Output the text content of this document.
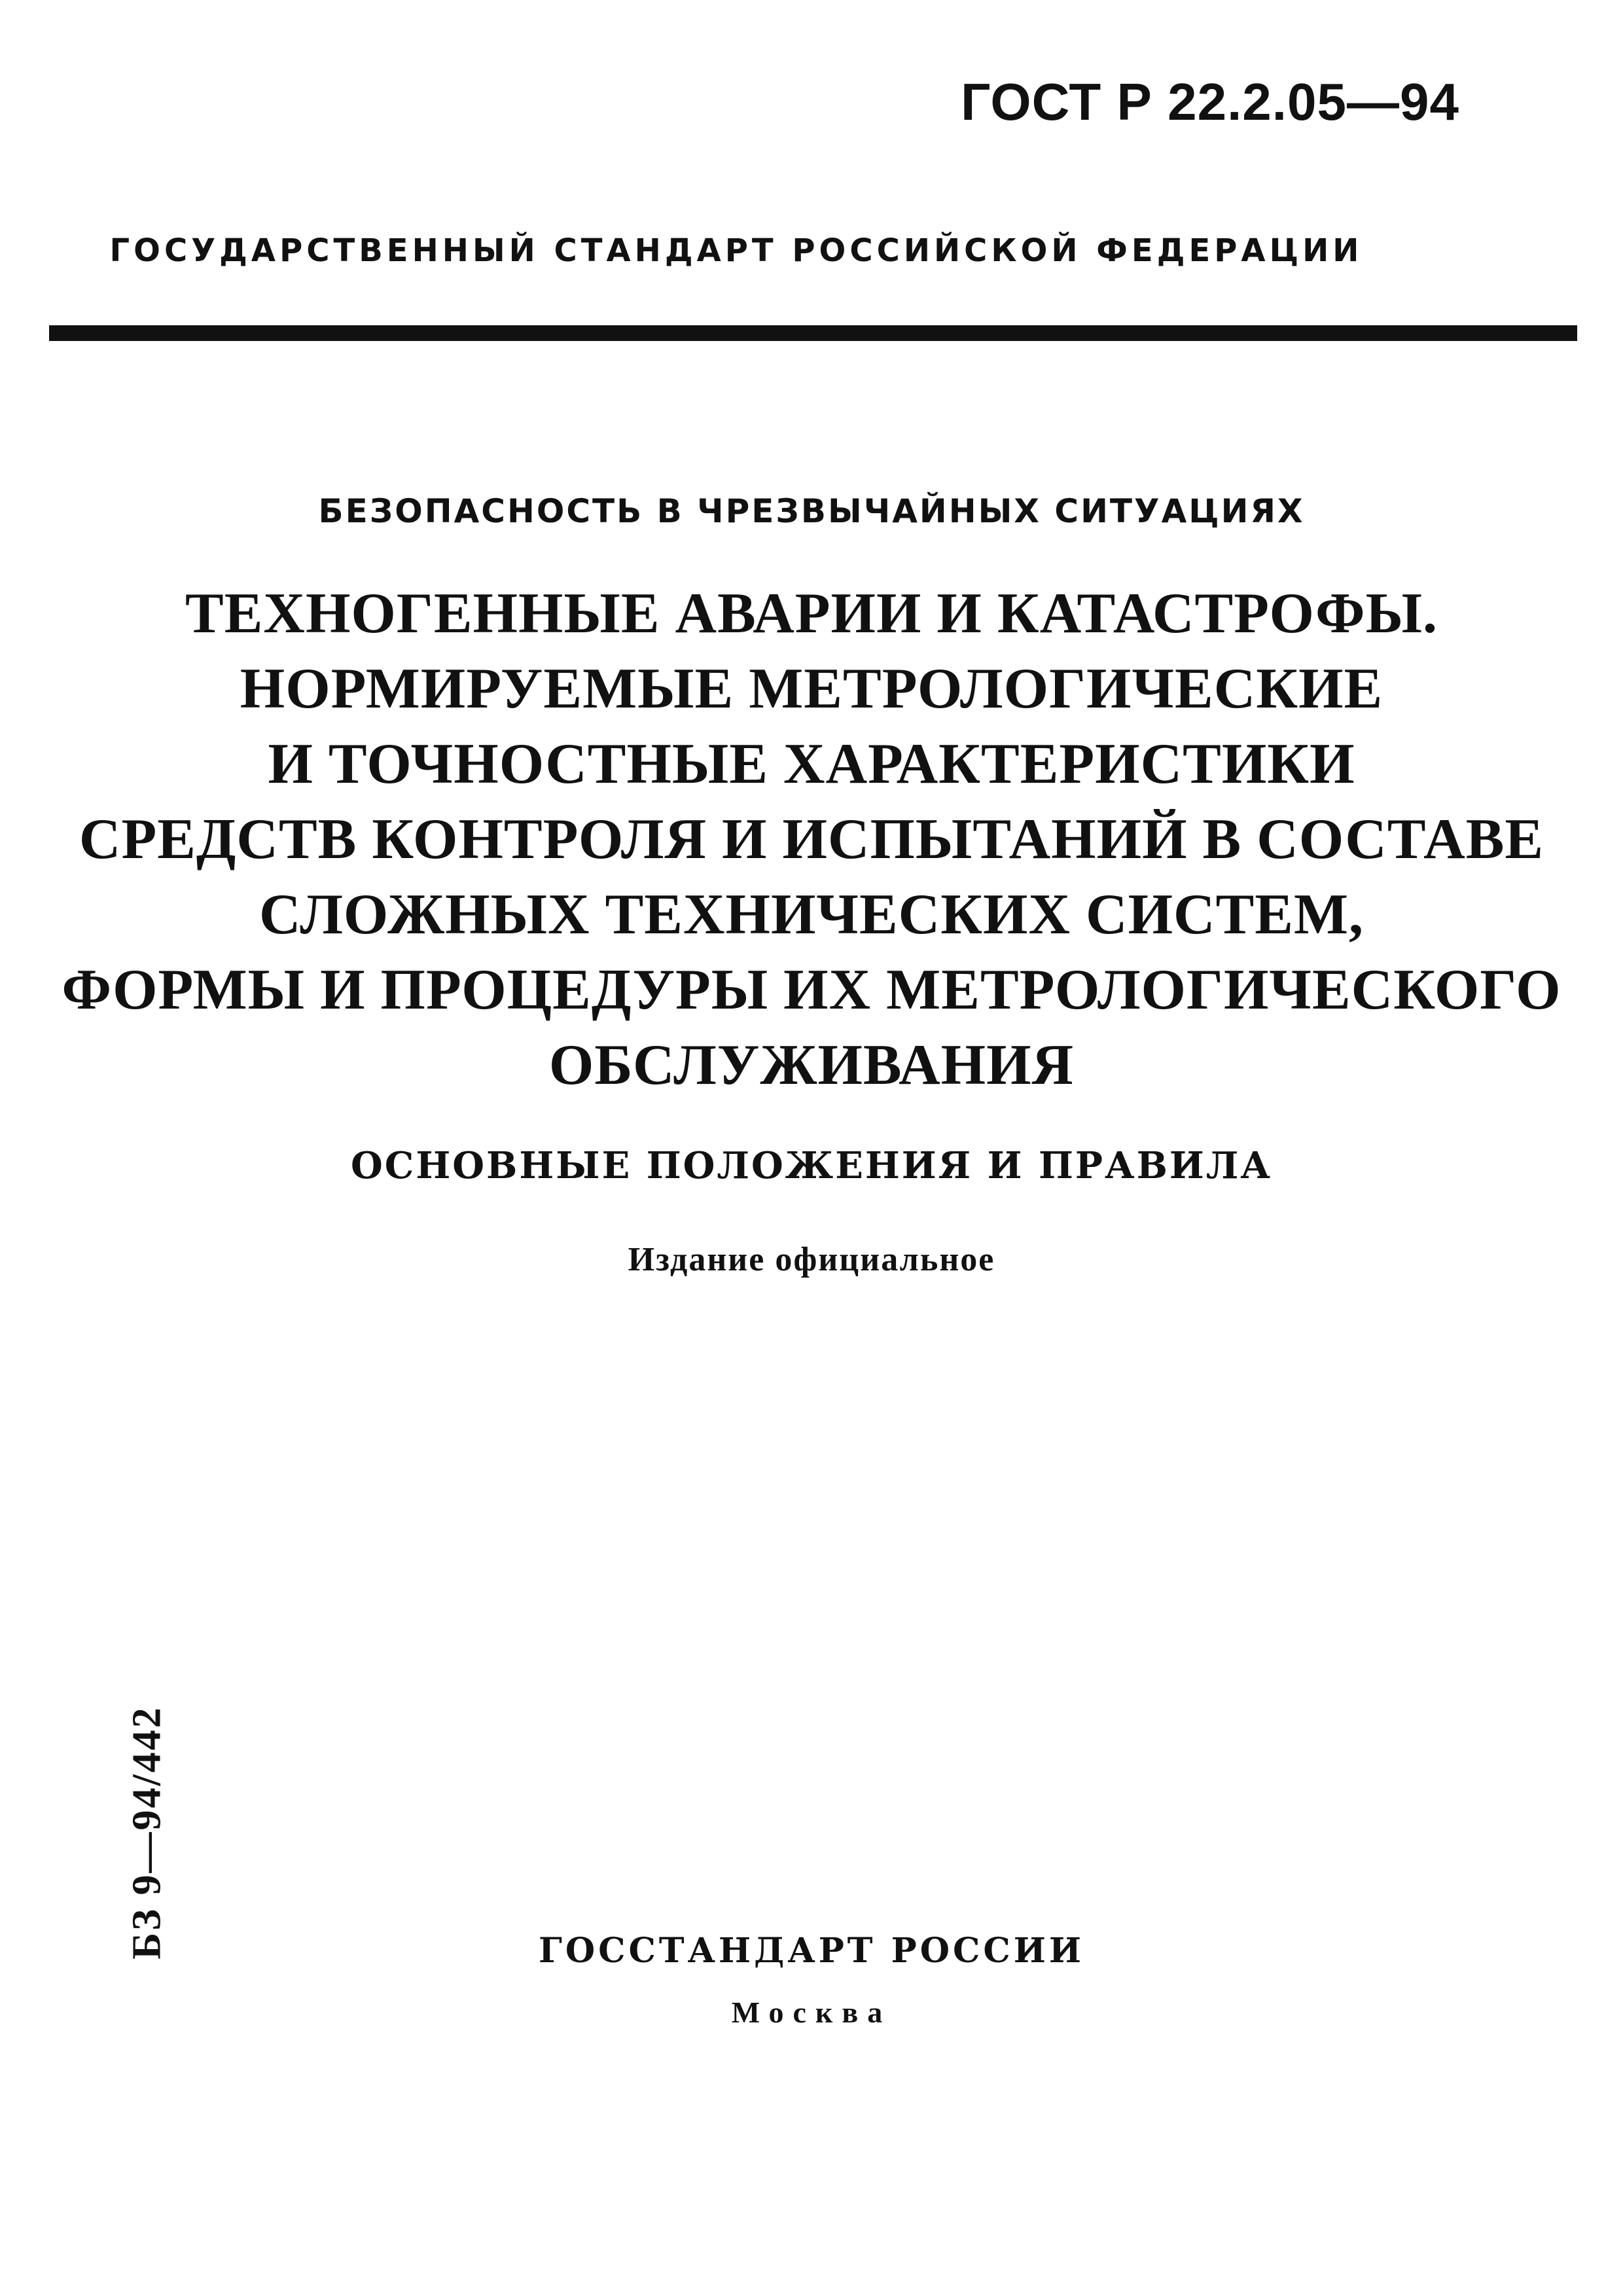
ГОСТ Р 22.2.05—94
ГОСУДАРСТВЕННЫЙ СТАНДАРТ РОССИЙСКОЙ ФЕДЕРАЦИИ
БЕЗОПАСНОСТЬ В ЧРЕЗВЫЧАЙНЫХ СИТУАЦИЯХ
ТЕХНОГЕННЫЕ АВАРИИ И КАТАСТРОФЫ.
НОРМИРУЕМЫЕ МЕТРОЛОГИЧЕСКИЕ
И ТОЧНОСТНЫЕ ХАРАКТЕРИСТИКИ
СРЕДСТВ КОНТРОЛЯ И ИСПЫТАНИЙ В СОСТАВЕ
СЛОЖНЫХ ТЕХНИЧЕСКИХ СИСТЕМ,
ФОРМЫ И ПРОЦЕДУРЫ ИХ МЕТРОЛОГИЧЕСКОГО
ОБСЛУЖИВАНИЯ
ОСНОВНЫЕ ПОЛОЖЕНИЯ И ПРАВИЛА
Издание официальное
БЗ 9—94/442	ГОССТАНДАРТ РОССИИ
Москва
